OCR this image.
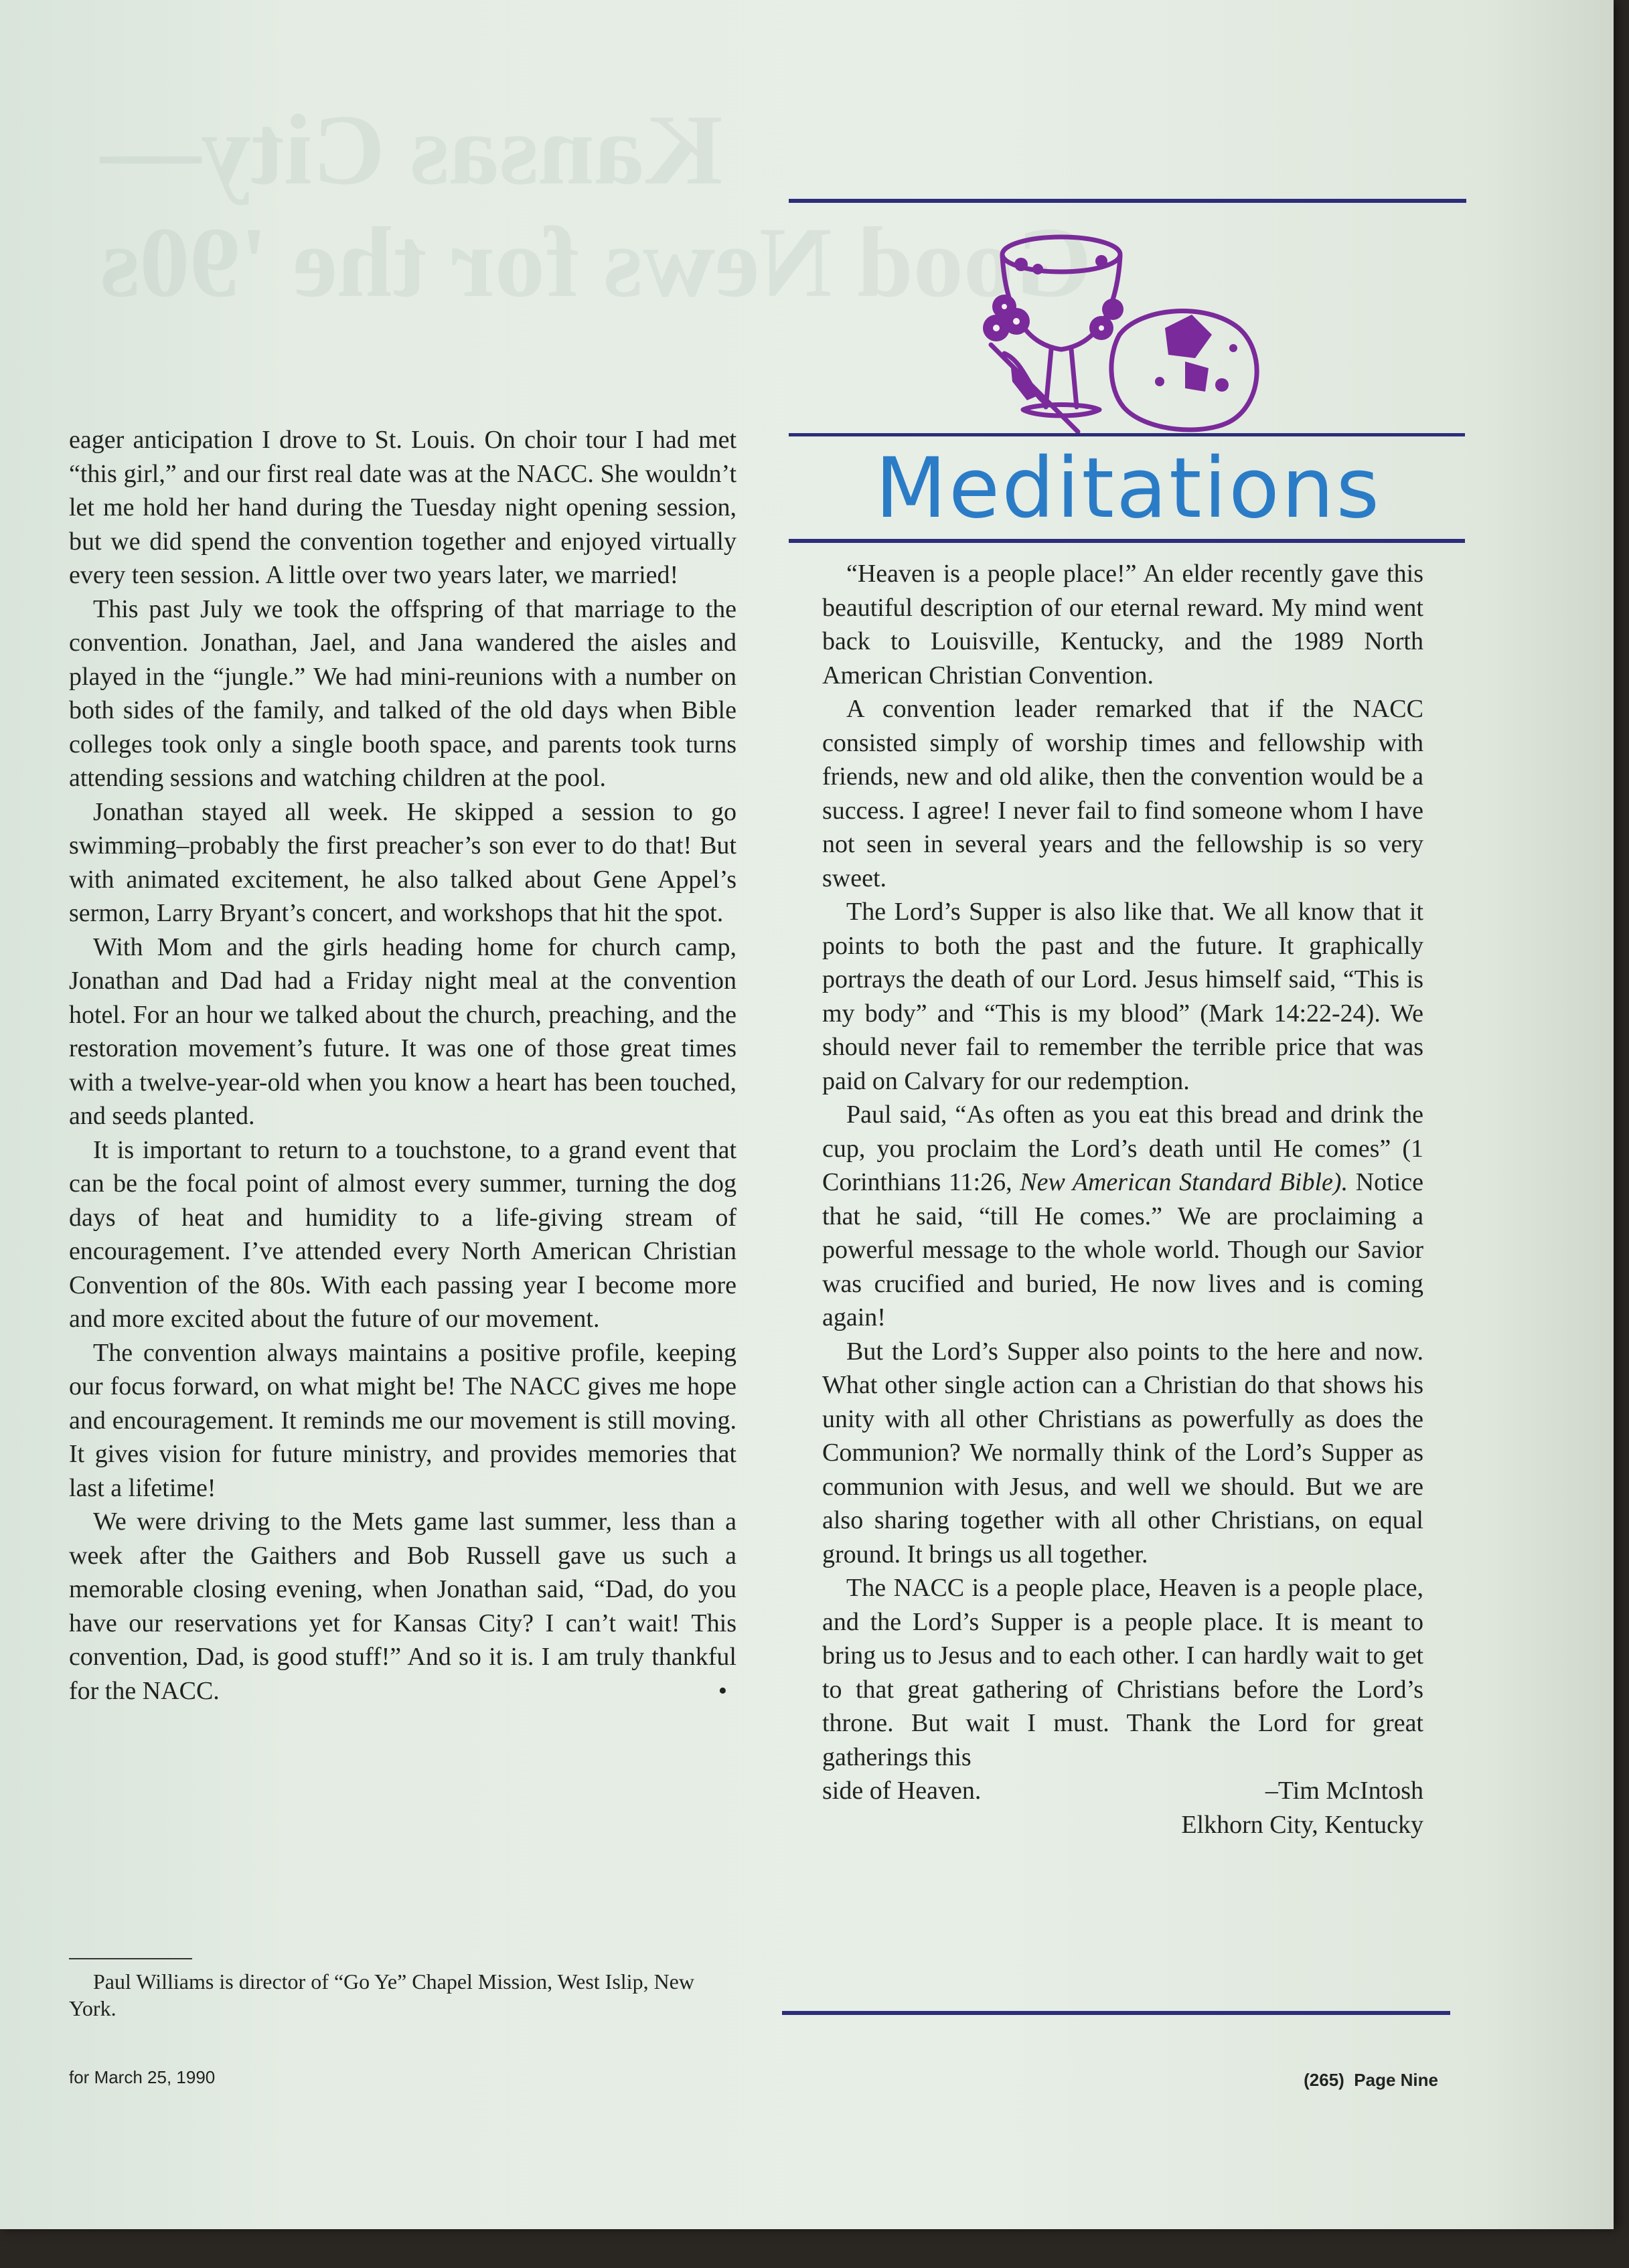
Kansas City—
Good News for the '90s

eager anticipation I drove to St. Louis. On choir tour I had met “this girl,” and our first real date was at the NACC. She wouldn’t let me hold her hand during the Tuesday night opening session, but we did spend the convention together and enjoyed virtually every teen session. A little over two years later, we married!

This past July we took the offspring of that marriage to the convention. Jonathan, Jael, and Jana wandered the aisles and played in the “jungle.” We had mini-reunions with a number on both sides of the family, and talked of the old days when Bible colleges took only a single booth space, and parents took turns attending sessions and watching children at the pool.

Jonathan stayed all week. He skipped a session to go swimming–probably the first preacher’s son ever to do that! But with animated excitement, he also talked about Gene Appel’s sermon, Larry Bryant’s concert, and workshops that hit the spot.

With Mom and the girls heading home for church camp, Jonathan and Dad had a Friday night meal at the convention hotel. For an hour we talked about the church, preaching, and the restoration movement’s future. It was one of those great times with a twelve-year-old when you know a heart has been touched, and seeds planted.

It is important to return to a touchstone, to a grand event that can be the focal point of almost every summer, turning the dog days of heat and humidity to a life-giving stream of encouragement. I’ve attended every North American Christian Convention of the 80s. With each passing year I become more and more excited about the future of our movement.

The convention always maintains a positive profile, keeping our focus forward, on what might be! The NACC gives me hope and encouragement. It reminds me our movement is still moving. It gives vision for future ministry, and provides memories that last a lifetime!

We were driving to the Mets game last summer, less than a week after the Gaithers and Bob Russell gave us such a memorable closing evening, when Jonathan said, “Dad, do you have our reservations yet for Kansas City? I can’t wait! This convention, Dad, is good stuff!” And so it is. I am truly thankful for the NACC.	•

Paul Williams is director of “Go Ye” Chapel Mission, West Islip, New York.
Meditations

“Heaven is a people place!” An elder recently gave this beautiful description of our eternal reward. My mind went back to Louisville, Kentucky, and the 1989 North American Christian Convention.

A convention leader remarked that if the NACC consisted simply of worship times and fellowship with friends, new and old alike, then the convention would be a success. I agree! I never fail to find someone whom I have not seen in several years and the fellowship is so very sweet.

The Lord’s Supper is also like that. We all know that it points to both the past and the future. It graphically portrays the death of our Lord. Jesus himself said, “This is my body” and “This is my blood” (Mark 14:22-24). We should never fail to remember the terrible price that was paid on Calvary for our redemption.

Paul said, “As often as you eat this bread and drink the cup, you proclaim the Lord’s death until He comes” (1 Corinthians 11:26, New American Standard Bible). Notice that he said, “till He comes.” We are proclaiming a powerful message to the whole world. Though our Savior was crucified and buried, He now lives and is coming again!

But the Lord’s Supper also points to the here and now. What other single action can a Christian do that shows his unity with all other Christians as powerfully as does the Communion? We normally think of the Lord’s Supper as communion with Jesus, and well we should. But we are also sharing together with all other Christians, on equal ground. It brings us all together.

The NACC is a people place, Heaven is a people place, and the Lord’s Supper is a people place. It is meant to bring us to Jesus and to each other. I can hardly wait to get to that great gathering of Christians before the Lord’s throne. But wait I must. Thank the Lord for great gatherings this

side of Heaven.	–Tim McIntosh
Elkhorn City, Kentucky
for March 25, 1990	(265)  Page Nine
